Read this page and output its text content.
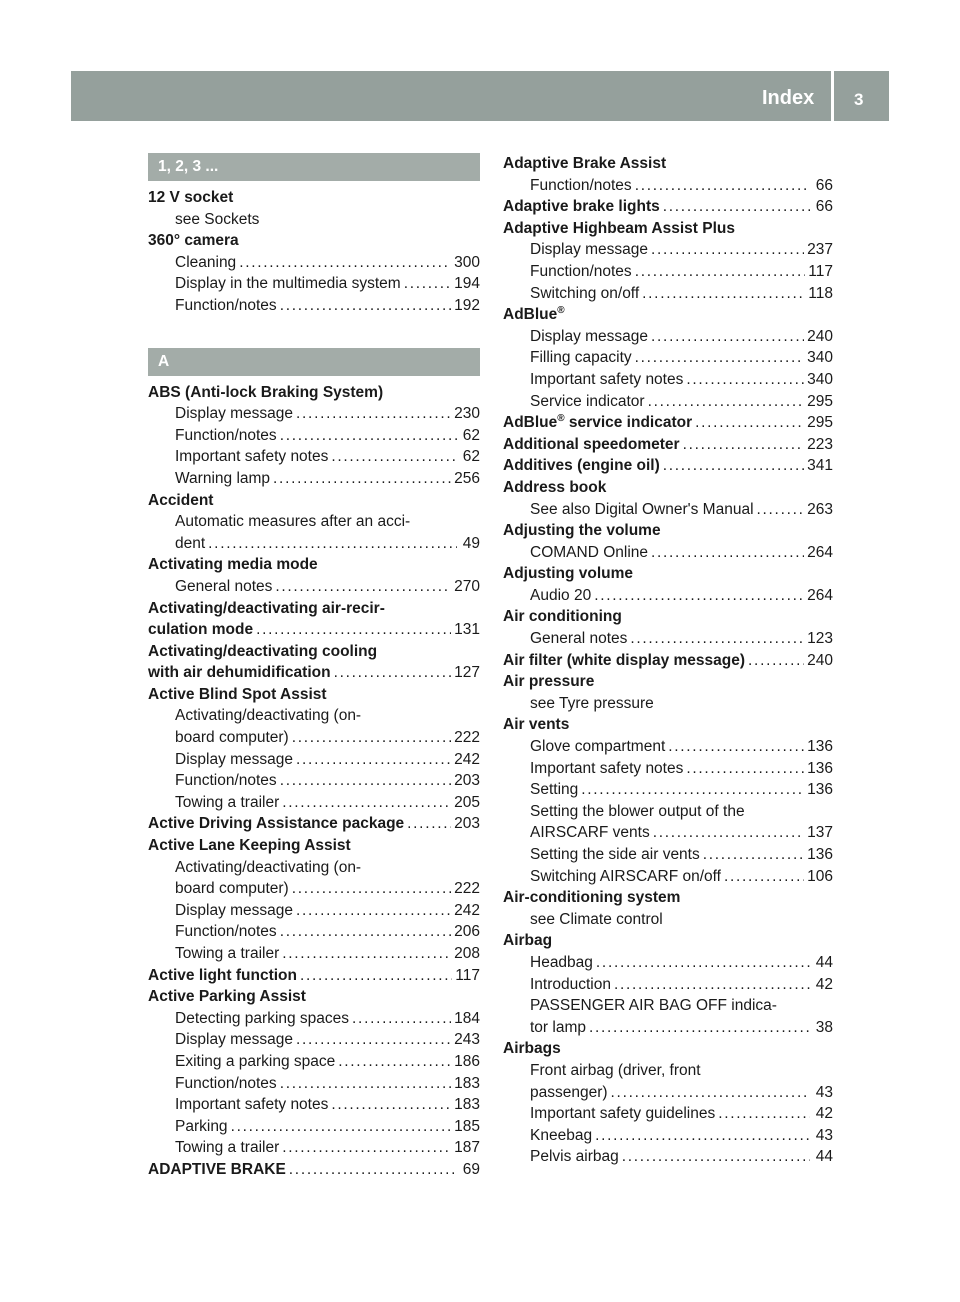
Index 3
1, 2, 3 ...
12 V socket
see Sockets
360° camera
Cleaning . . .	300
Display in the multimedia system . . .	194
Function/notes . . .	192
A
ABS (Anti-lock Braking System)
Display message . . .	230
Function/notes . . .	62
Important safety notes . . .	62
Warning lamp . . .	256
Accident
Automatic measures after an acci-
dent . . .	49
Activating media mode
General notes . . .	270
Activating/deactivating air-recir-
culation mode . . .	131
Activating/deactivating cooling
with air dehumidification . . .	127
Active Blind Spot Assist
Activating/deactivating (on-
board computer) . . .	222
Display message . . .	242
Function/notes . . .	203
Towing a trailer . . .	205
Active Driving Assistance package . . .	203
Active Lane Keeping Assist
Activating/deactivating (on-
board computer) . . .	222
Display message . . .	242
Function/notes . . .	206
Towing a trailer . . .	208
Active light function . . .	117
Active Parking Assist
Detecting parking spaces . . .	184
Display message . . .	243
Exiting a parking space . . .	186
Function/notes . . .	183
Important safety notes . . .	183
Parking . . .	185
Towing a trailer . . .	187
ADAPTIVE BRAKE . . .	69
Adaptive Brake Assist
Function/notes . . .	66
Adaptive brake lights . . .	66
Adaptive Highbeam Assist Plus
Display message . . .	237
Function/notes . . .	117
Switching on/off . . .	118
AdBlue®
Display message . . .	240
Filling capacity . . .	340
Important safety notes . . .	340
Service indicator . . .	295
AdBlue® service indicator . . .	295
Additional speedometer . . .	223
Additives (engine oil) . . .	341
Address book
See also Digital Owner's Manual . . .	263
Adjusting the volume
COMAND Online . . .	264
Adjusting volume
Audio 20 . . .	264
Air conditioning
General notes . . .	123
Air filter (white display message) . . .	240
Air pressure
see Tyre pressure
Air vents
Glove compartment . . .	136
Important safety notes . . .	136
Setting . . .	136
Setting the blower output of the
AIRSCARF vents . . .	137
Setting the side air vents . . .	136
Switching AIRSCARF on/off . . .	106
Air-conditioning system
see Climate control
Airbag
Headbag . . .	44
Introduction . . .	42
PASSENGER AIR BAG OFF indica-
tor lamp . . .	38
Airbags
Front airbag (driver, front
passenger) . . .	43
Important safety guidelines . . .	42
Kneebag . . .	43
Pelvis airbag . . .	44
